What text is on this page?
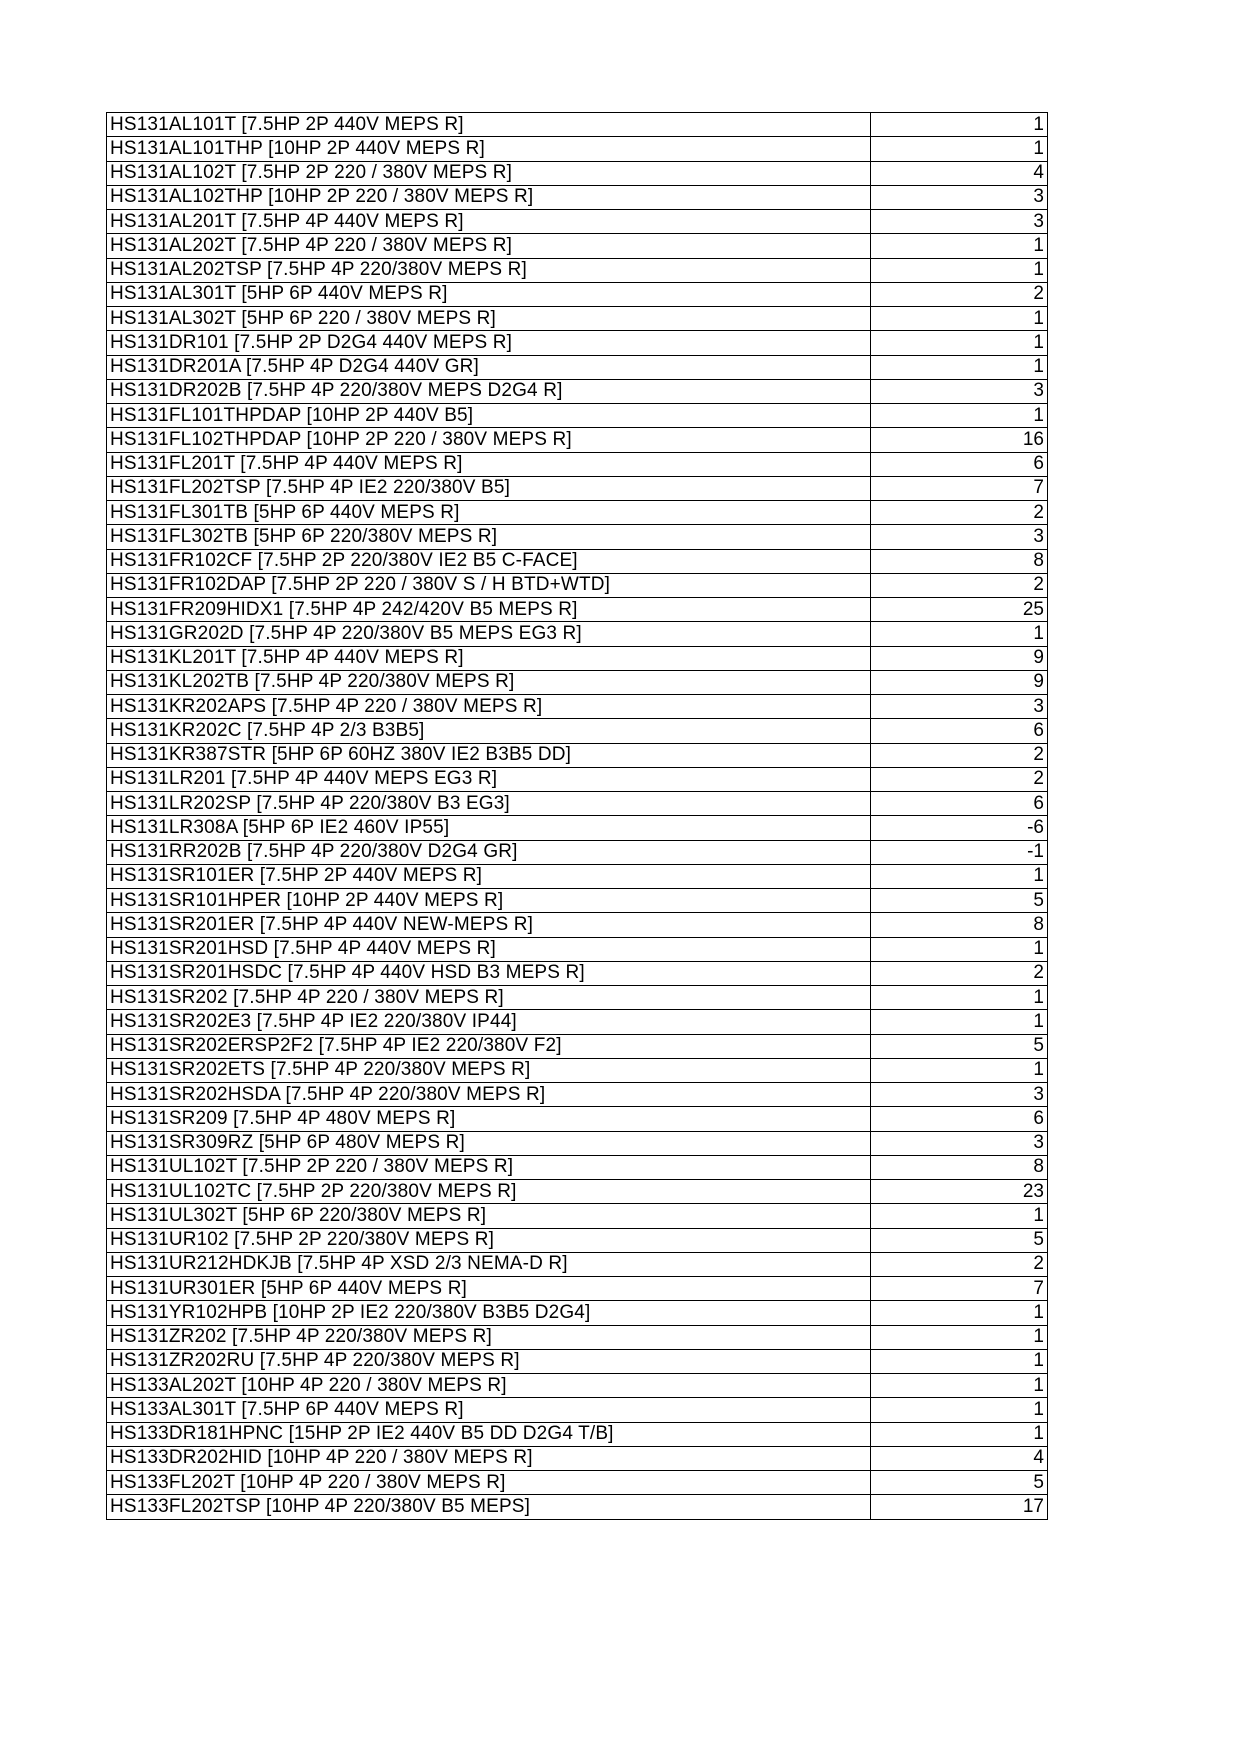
HS131AL101T [7.5HP 2P 440V MEPS R]	1
HS131AL101THP [10HP 2P 440V MEPS R]	1
HS131AL102T [7.5HP 2P 220 / 380V MEPS R]	4
HS131AL102THP [10HP 2P 220 / 380V MEPS R]	3
HS131AL201T [7.5HP 4P 440V MEPS R]	3
HS131AL202T [7.5HP 4P 220 / 380V MEPS R]	1
HS131AL202TSP [7.5HP 4P 220/380V MEPS R]	1
HS131AL301T [5HP 6P 440V MEPS R]	2
HS131AL302T [5HP 6P 220 / 380V MEPS R]	1
HS131DR101 [7.5HP 2P D2G4 440V MEPS R]	1
HS131DR201A [7.5HP 4P D2G4 440V GR]	1
HS131DR202B [7.5HP 4P 220/380V MEPS D2G4 R]	3
HS131FL101THPDAP [10HP 2P 440V B5]	1
HS131FL102THPDAP [10HP 2P 220 / 380V MEPS R]	16
HS131FL201T [7.5HP 4P 440V MEPS R]	6
HS131FL202TSP [7.5HP 4P IE2 220/380V B5]	7
HS131FL301TB [5HP 6P 440V MEPS R]	2
HS131FL302TB [5HP 6P 220/380V MEPS R]	3
HS131FR102CF [7.5HP 2P 220/380V IE2 B5 C-FACE]	8
HS131FR102DAP [7.5HP 2P 220 / 380V S / H BTD+WTD]	2
HS131FR209HIDX1 [7.5HP 4P 242/420V B5 MEPS R]	25
HS131GR202D [7.5HP 4P 220/380V B5 MEPS EG3 R]	1
HS131KL201T [7.5HP 4P 440V MEPS R]	9
HS131KL202TB [7.5HP 4P 220/380V MEPS R]	9
HS131KR202APS [7.5HP 4P 220 / 380V MEPS R]	3
HS131KR202C [7.5HP 4P 2/3 B3B5]	6
HS131KR387STR [5HP 6P 60HZ 380V IE2 B3B5 DD]	2
HS131LR201 [7.5HP 4P 440V MEPS EG3 R]	2
HS131LR202SP [7.5HP 4P 220/380V B3 EG3]	6
HS131LR308A [5HP 6P IE2 460V IP55]	-6
HS131RR202B [7.5HP 4P 220/380V D2G4 GR]	-1
HS131SR101ER [7.5HP 2P 440V MEPS R]	1
HS131SR101HPER [10HP 2P 440V MEPS R]	5
HS131SR201ER [7.5HP 4P 440V NEW-MEPS R]	8
HS131SR201HSD [7.5HP 4P 440V MEPS R]	1
HS131SR201HSDC [7.5HP 4P 440V HSD B3 MEPS R]	2
HS131SR202 [7.5HP 4P 220 / 380V MEPS R]	1
HS131SR202E3 [7.5HP 4P IE2 220/380V IP44]	1
HS131SR202ERSP2F2 [7.5HP 4P IE2 220/380V F2]	5
HS131SR202ETS [7.5HP 4P 220/380V MEPS R]	1
HS131SR202HSDA [7.5HP 4P 220/380V MEPS R]	3
HS131SR209 [7.5HP 4P 480V MEPS R]	6
HS131SR309RZ [5HP 6P 480V MEPS R]	3
HS131UL102T [7.5HP 2P 220 / 380V MEPS R]	8
HS131UL102TC [7.5HP 2P 220/380V MEPS R]	23
HS131UL302T [5HP 6P 220/380V MEPS R]	1
HS131UR102 [7.5HP 2P 220/380V MEPS R]	5
HS131UR212HDKJB [7.5HP 4P XSD 2/3 NEMA-D R]	2
HS131UR301ER [5HP 6P 440V MEPS R]	7
HS131YR102HPB [10HP 2P IE2 220/380V B3B5 D2G4]	1
HS131ZR202 [7.5HP 4P 220/380V MEPS R]	1
HS131ZR202RU [7.5HP 4P 220/380V MEPS R]	1
HS133AL202T [10HP 4P 220 / 380V MEPS R]	1
HS133AL301T [7.5HP 6P 440V MEPS R]	1
HS133DR181HPNC [15HP 2P IE2 440V B5 DD D2G4 T/B]	1
HS133DR202HID [10HP 4P 220 / 380V MEPS R]	4
HS133FL202T [10HP 4P 220 / 380V MEPS R]	5
HS133FL202TSP [10HP 4P 220/380V B5 MEPS]	17
